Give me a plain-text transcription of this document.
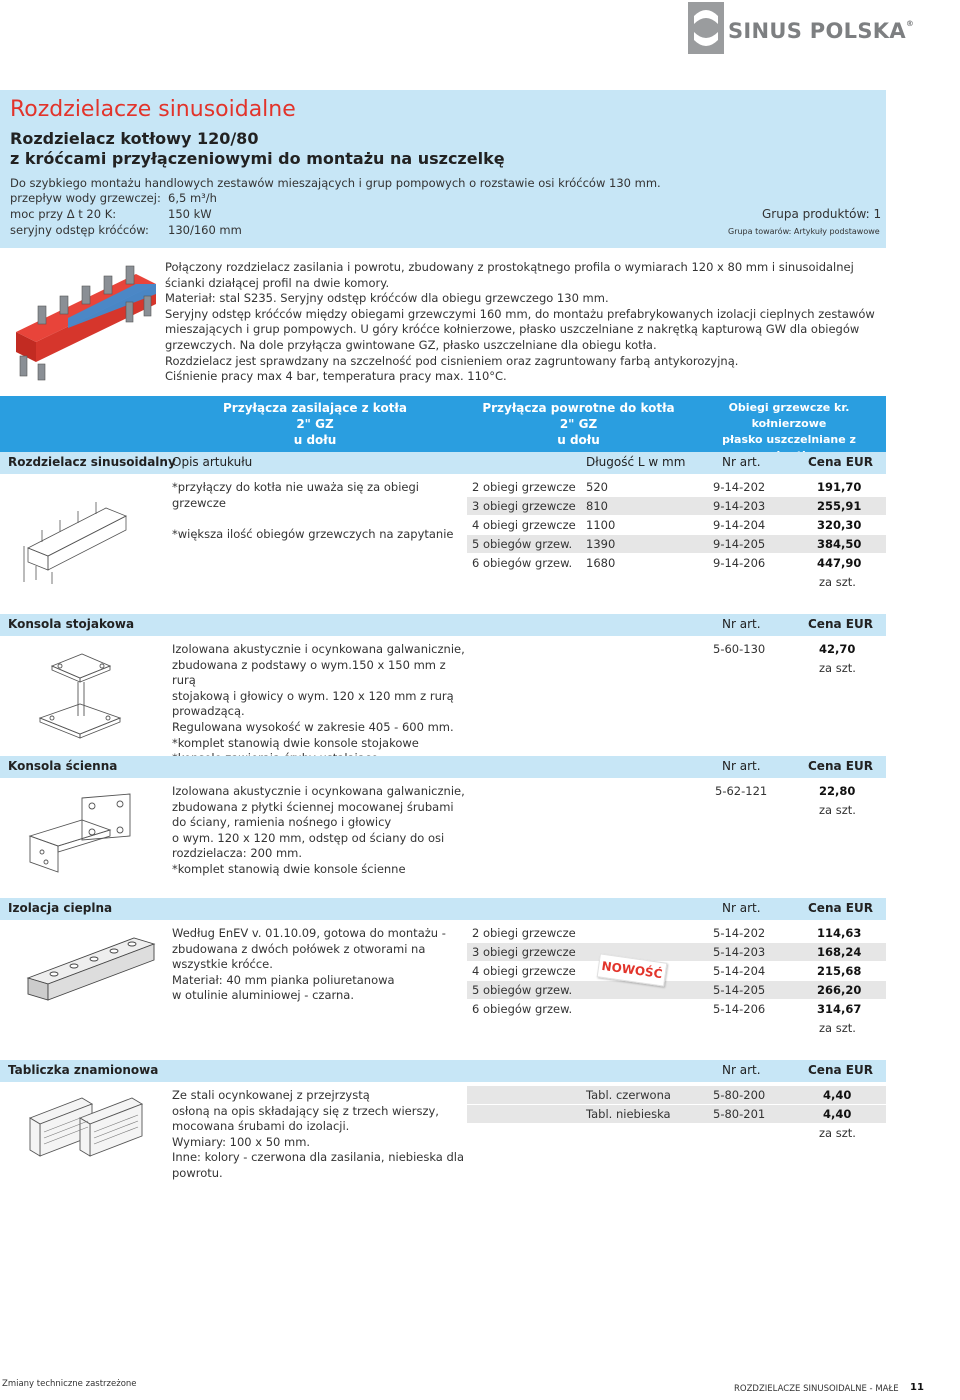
SINUS POLSKA®
Rozdzielacze sinusoidalne
Rozdzielacz kotłowy 120/80
z króćcami przyłączeniowymi do montażu na uszczelkę
Do szybkiego montażu handlowych zestawów mieszających i grup pompowych o rozstawie osi króćców 130 mm.
przepływ wody grzewczej: 6,5 m³/h
moc przy Δ t 20 K:	150 kW
seryjny odstęp króćców: 130/160 mm
Grupa produktów: 1
Grupa towarów: Artykuły podstawowe

Połączony rozdzielacz zasilania i powrotu, zbudowany z prostokątnego profila o wymiarach 120 x 80 mm i sinusoidalnej ścianki działącej profil na dwie komory.

Materiał: stal S235. Seryjny odstęp króćców dla obiegu grzewczego 130 mm.

Seryjny odstęp króćców między obiegami grzewczymi 160 mm, do montażu prefabrykowanych izolacji cieplnych zestawów mieszających i grup pompowych. U góry króćce kołnierzowe, płasko uszczelniane z nakrętką kapturową GW dla obiegów grzewczych. Na dole przyłącza gwintowane GZ, płasko uszczelniane dla obiegu kotła.

Rozdzielacz jest sprawdzany na szczelność pod cisnieniem oraz zagruntowany farbą antykorozyjną.

Ciśnienie pracy max 4 bar, temperatura pracy max. 110°C.

Przyłącza zasilające z kotła
2" GZ
u dołu
Przyłącza powrotne do kotła
2" GZ
u dołu
Obiegi grzewcze kr. kołnierzowe
płasko uszczelniane z
Rozdzielacz sinusoidalny
Opis artukułu	Długość L w mm	Nr art.	Cena EUR

*przyłączy do kotła nie uważa się za obiegi grzewcze

*większa ilość obiegów grzewczych na zapytanie

2 obiegi grzewcze 520	9-14-202	191,70
3 obiegi grzewcze 810	9-14-203	255,91
4 obiegi grzewcze 1100	9-14-204	320,30
5 obiegów grzew. 1390	9-14-205	384,50
6 obiegów grzew. 1680	9-14-206	447,90
za szt.
Konsola stojakowa	Nr art.	Cena EUR

Izolowana akustycznie i ocynkowana galwanicznie,

zbudowana z podstawy o wym.150 x 150 mm z rurą

stojakową i głowicy o wym. 120 x 120 mm z rurą

prowadzącą.

Regulowana wysokość w zakresie 405 - 600 mm.

*komplet stanowią dwie konsole stojakowe

5-60-130	42,70
za szt.
Konsola ścienna	Nr art.	Cena EUR

Izolowana akustycznie i ocynkowana galwanicznie,

zbudowana z płytki ściennej mocowanej śrubami

do ściany, ramienia nośnego i głowicy

o wym. 120 x 120 mm, odstęp od ściany do osi

rozdzielacza: 200 mm.

*komplet stanowią dwie konsole ścienne

5-62-121	22,80
za szt.
Izolacja cieplna	Nr art.	Cena EUR

Według EnEV v. 01.10.09, gotowa do montażu -

zbudowana z dwóch połówek z otworami na

wszystkie króćce.

Materiał: 40 mm pianka poliuretanowa

w otulinie aluminiowej - czarna.

NOWOŚĆ
2 obiegi grzewcze	5-14-202	114,63
3 obiegi grzewcze	5-14-203	168,24
4 obiegi grzewcze	5-14-204	215,68
5 obiegów grzew.	5-14-205	266,20
6 obiegów grzew.	5-14-206	314,67
za szt.
Tabliczka znamionowa	Nr art.	Cena EUR

Ze stali ocynkowanej z przejrzystą

osłoną na opis składający się z trzech wierszy,

mocowana śrubami do izolacji.

Wymiary: 100 x 50 mm.

Inne: kolory - czerwona dla zasilania, niebieska dla

powrotu.

Tabl. czerwona	5-80-200	4,40
Tabl. niebieska	5-80-201	4,40
za szt.
Zmiany techniczne zastrzeżone	ROZDZIELACZE SINUSOIDALNE - MAŁE 11
